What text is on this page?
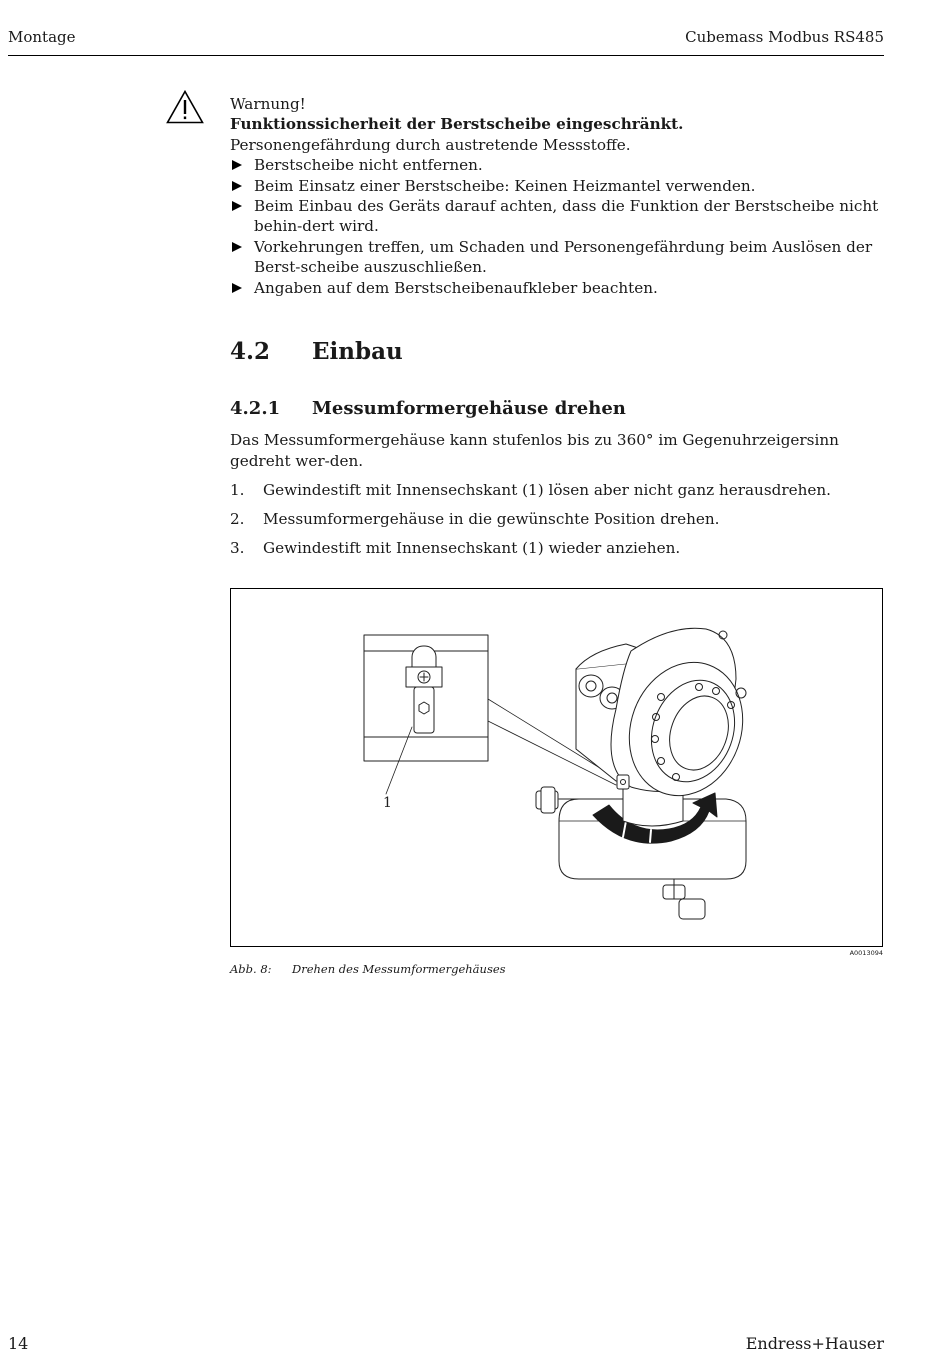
Montage	Cubemass Modbus RS485

Warnung!

Funktionssicherheit der Berstscheibe eingeschränkt.

Personengefährdung durch austretende Messstoffe.

Berstscheibe nicht entfernen.
Beim Einsatz einer Berstscheibe: Keinen Heizmantel verwenden.
Beim Einbau des Geräts darauf achten, dass die Funktion der Berstscheibe nicht behin-dert wird.
Vorkehrungen treffen, um Schaden und Personengefährdung beim Auslösen der Berst-scheibe auszuschließen.
Angaben auf dem Berstscheibenaufkleber beachten.
4.2 Einbau
4.2.1 Messumformergehäuse drehen

Das Messumformergehäuse kann stufenlos bis zu 360° im Gegenuhrzeigersinn gedreht wer-den.

1. Gewindestift mit Innensechskant (1) lösen aber nicht ganz herausdrehen.
2. Messumformergehäuse in die gewünschte Position drehen.
3. Gewindestift mit Innensechskant (1) wieder anziehen.
1
A0013094
Abb. 8: Drehen des Messumformergehäuses
14	Endress+Hauser
